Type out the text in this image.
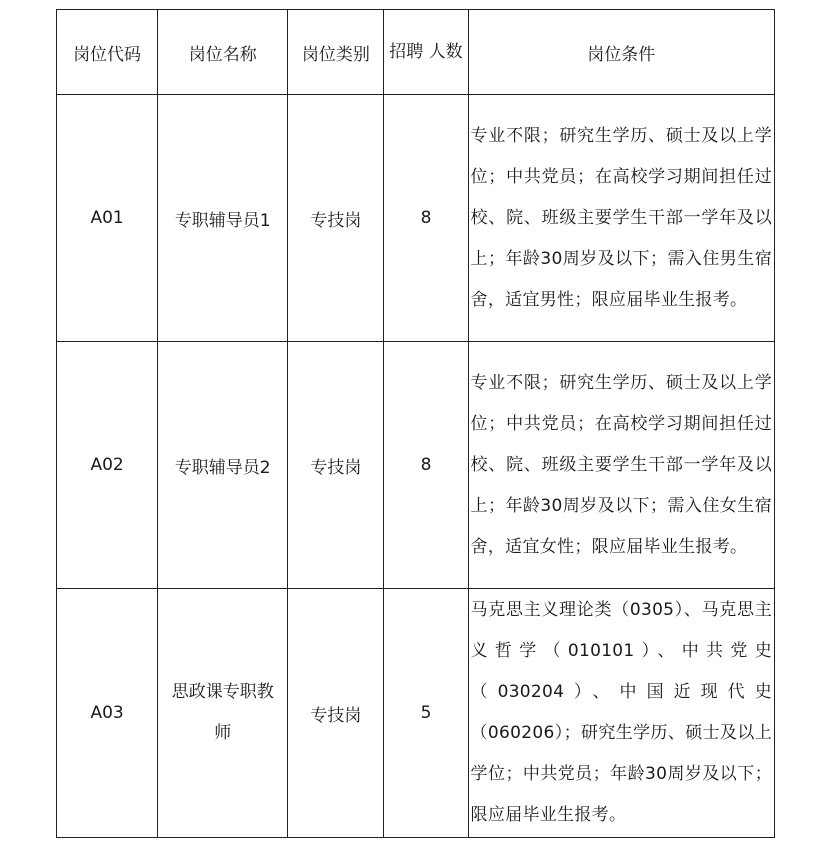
岗位代码	岗位名称	岗位类别	招聘 人数	岗位条件
A01	专职辅导员1	专技岗	8	专业不限；研究生学历、硕士及以上学位；中共党员；在高校学习期间担任过校、院、班级主要学生干部一学年及以上；年龄30周岁及以下；需入住男生宿舍，适宜男性；限应届毕业生报考。
A02	专职辅导员2	专技岗	8	专业不限；研究生学历、硕士及以上学位；中共党员；在高校学习期间担任过校、院、班级主要学生干部一学年及以上；年龄30周岁及以下；需入住女生宿舍，适宜女性；限应届毕业生报考。
A03	思政课专职教师	专技岗	5	马克思主义理论类（0305）、马克思主义哲学（010101）、中共党史（030204）、中国近现代史（060206）；研究生学历、硕士及以上学位；中共党员；年龄30周岁及以下；限应届毕业生报考。
